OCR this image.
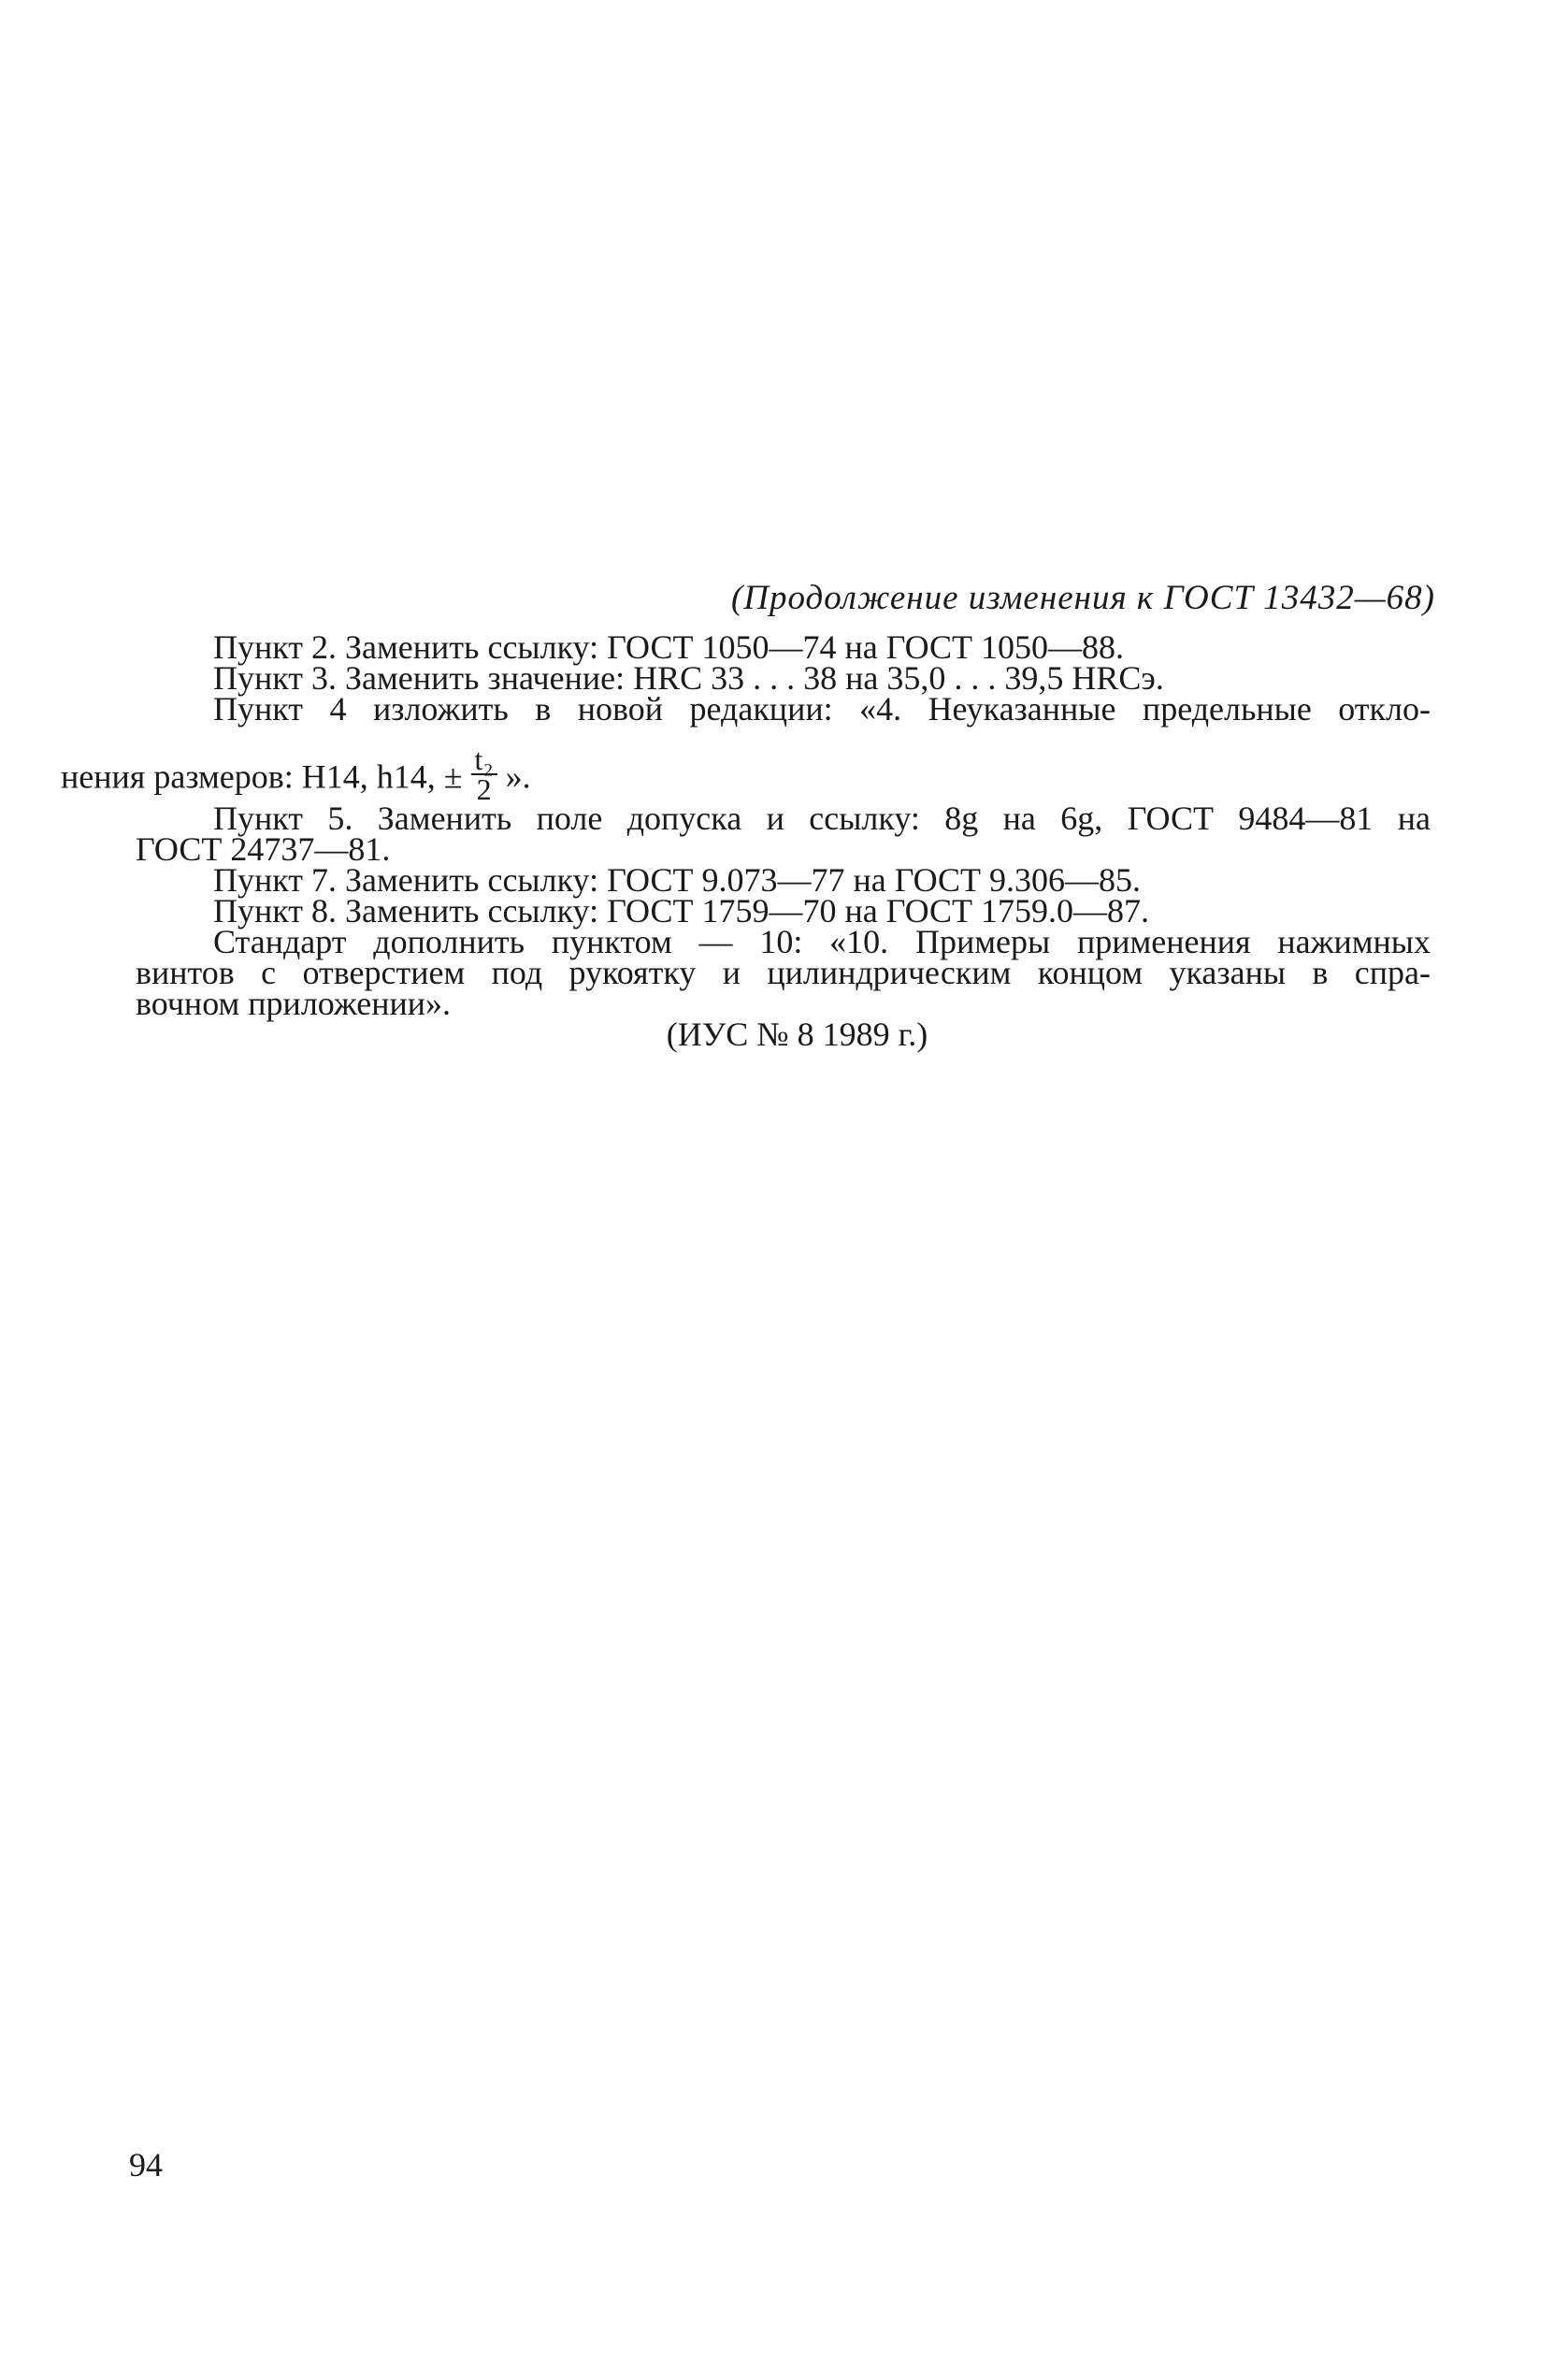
(Продолжение изменения к ГОСТ 13432—68)
Пункт 2. Заменить ссылку: ГОСТ 1050—74 на ГОСТ 1050—88.
Пункт 3. Заменить значение: HRC 33 . . . 38 на 35,0 . . . 39,5 HRCэ.
Пункт 4 изложить в новой редакции: «4. Неуказанные предельные откло-
нения размеров: H14, h14, ± $\frac{\text{t₂}}{2}$ ».
Пункт 5. Заменить поле допуска и ссылку: 8g на 6g, ГОСТ 9484—81 на
ГОСТ 24737—81.
Пункт 7. Заменить ссылку: ГОСТ 9.073—77 на ГОСТ 9.306—85.
Пункт 8. Заменить ссылку: ГОСТ 1759—70 на ГОСТ 1759.0—87.
Стандарт дополнить пунктом — 10: «10. Примеры применения нажимных
винтов с отверстием под рукоятку и цилиндрическим концом указаны в спра-
вочном приложении».
(ИУС № 8 1989 г.)
94
